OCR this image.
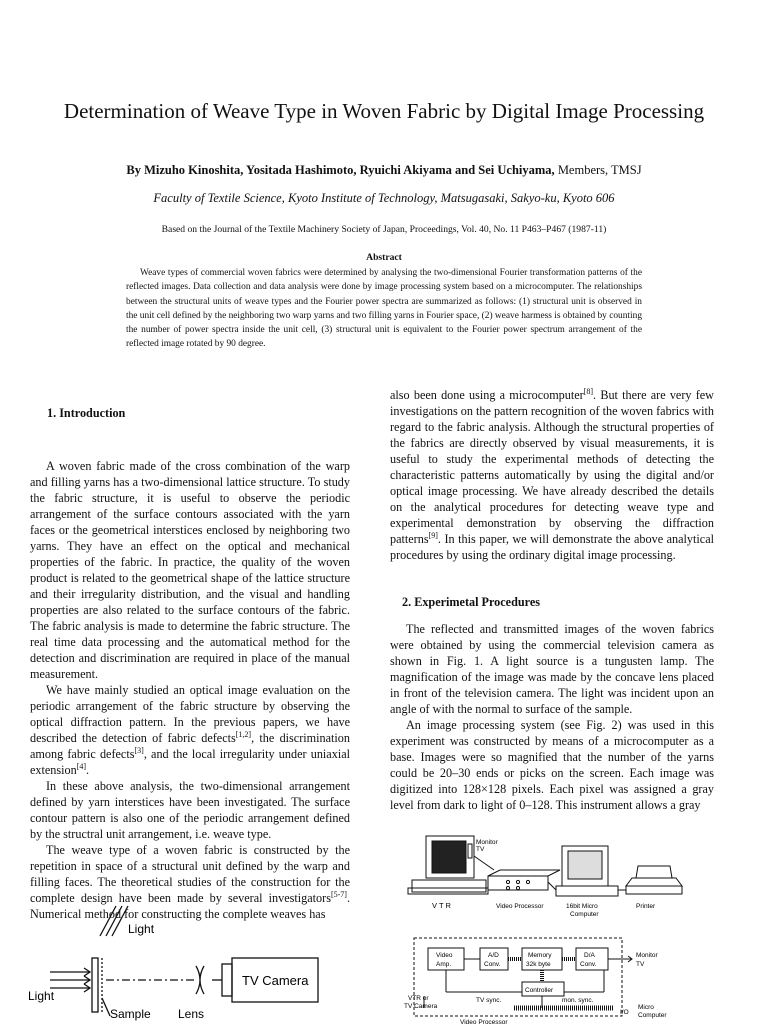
Determination of Weave Type in Woven Fabric by Digital Image Processing
By Mizuho Kinoshita, Yositada Hashimoto, Ryuichi Akiyama and Sei Uchiyama, Members, TMSJ
Faculty of Textile Science, Kyoto Institute of Technology, Matsugasaki, Sakyo-ku, Kyoto 606
Based on the Journal of the Textile Machinery Society of Japan, Proceedings, Vol. 40, No. 11 P463–P467 (1987-11)
Abstract
Weave types of commercial woven fabrics were determined by analysing the two-dimensional Fourier transformation patterns of the reflected images. Data collection and data analysis were done by image processing system based on a microcomputer. The relationships between the structural units of weave types and the Fourier power spectra are summarized as follows: (1) structural unit is observed in the unit cell defined by the neighboring two warp yarns and two filling yarns in Fourier space, (2) weave harmess is obtained by counting the number of power spectra inside the unit cell, (3) structural unit is equivalent to the Fourier power spectrum arrangement of the reflected image rotated by 90 degree.
1. Introduction

A woven fabric made of the cross combination of the warp and filling yarns has a two-dimensional lattice structure. To study the fabric structure, it is useful to observe the periodic arrangement of the surface contours associated with the yarn faces or the geometrical interstices enclosed by neighboring two yarns. They have an effect on the optical and mechanical properties of the fabric. In practice, the quality of the woven product is related to the geometrical shape of the lattice structure and their irregularity distribution, and the visual and handling properties are also related to the surface contours of the fabric. The fabric analysis is made to determine the fabric structure. The real time data processing and the automatical method for the detection and discrimination are required in place of the manual measurement.

We have mainly studied an optical image evaluation on the periodic arrangement of the fabric structure by observing the optical diffraction pattern. In the previous papers, we have described the detection of fabric defects[1,2], the discrimination among fabric defects[3], and the local irregularity under uniaxial extension[4].

In these above analysis, the two-dimensional arrangement defined by yarn interstices have been investigated. The surface contour pattern is also one of the periodic arrangement defined by the structral unit arrangement, i.e. weave type.

The weave type of a woven fabric is constructed by the repetition in space of a structural unit defined by the warp and filling faces. The theoretical studies of the construction for the complete design have been made by several investigators[5-7]. Numerical method for constructing the complete weaves has

also been done using a microcomputer[8]. But there are very few investigations on the pattern recognition of the woven fabrics with regard to the fabric analysis. Although the structural properties of the fabrics are directly observed by visual measurements, it is useful to study the experimental methods of detecting the characteristic patterns automatically by using the digital and/or optical image processing. We have already described the details on the analytical procedures for detecting weave type and experimental demonstration by observing the diffraction patterns[9]. In this paper, we will demonstrate the above analytical procedures by using the ordinary digital image processing.

The reflected and transmitted images of the woven fabrics were obtained by using the commercial television camera as shown in Fig. 1. A light source is a tungusten lamp. The magnification of the image was made by the concave lens placed in front of the television camera. The light was incident upon an angle of with the normal to surface of the sample.

An image processing system (see Fig. 2) was used in this experiment was constructed by means of a microcomputer as a base. Images were so magnified that the number of the yarns could be 20–30 ends or picks on the screen. Each image was digitized into 128×128 pixels. Each pixel was assigned a gray level from dark to light of 0–128. This instrument allows a gray

2. Experimetal Procedures
Light
Light
TV Camera
Sample Lens
Monitor
TV
V T R	Video Processor	16bit Micro
Computer
Printer
Video
Amp.
A/D
Conv.
Memory
32k byte
D/A
Conv.
Controller
Monitor
TV
VTR or
TV Camera
TV sync.	mon. sync.
I/O
Micro
Computer
Video Processor
